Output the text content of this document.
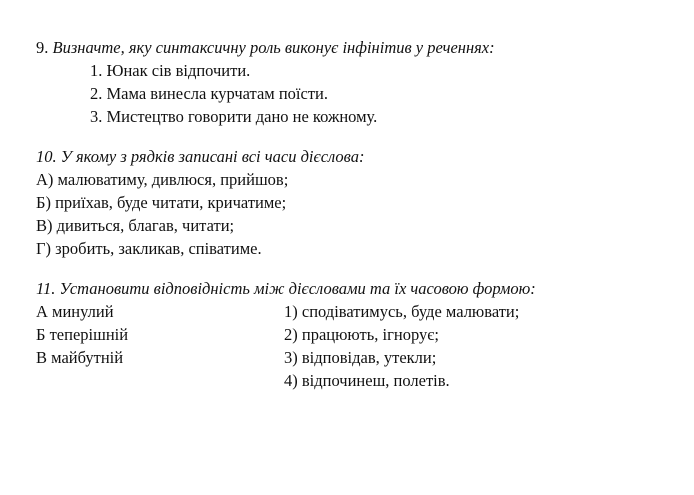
9. Визначте, яку синтаксичну роль виконує інфінітив у реченнях:
1. Юнак сів відпочити.
2. Мама винесла курчатам поїсти.
3. Мистецтво говорити дано не кожному.
10. У якому з рядків записані всі часи дієслова:
А) малюватиму, дивлюся, прийшов;
Б) приїхав, буде читати, кричатиме;
В) дивиться, благав, читати;
Г) зробить, закликав, співатиме.
11. Установити відповідність між дієсловами та їх часовою формою:
А минулий
Б теперішній
В майбутній
1) сподіватимусь, буде малювати;
2) працюють, ігнорує;
3) відповідав, утекли;
4) відпочинеш, полетів.
